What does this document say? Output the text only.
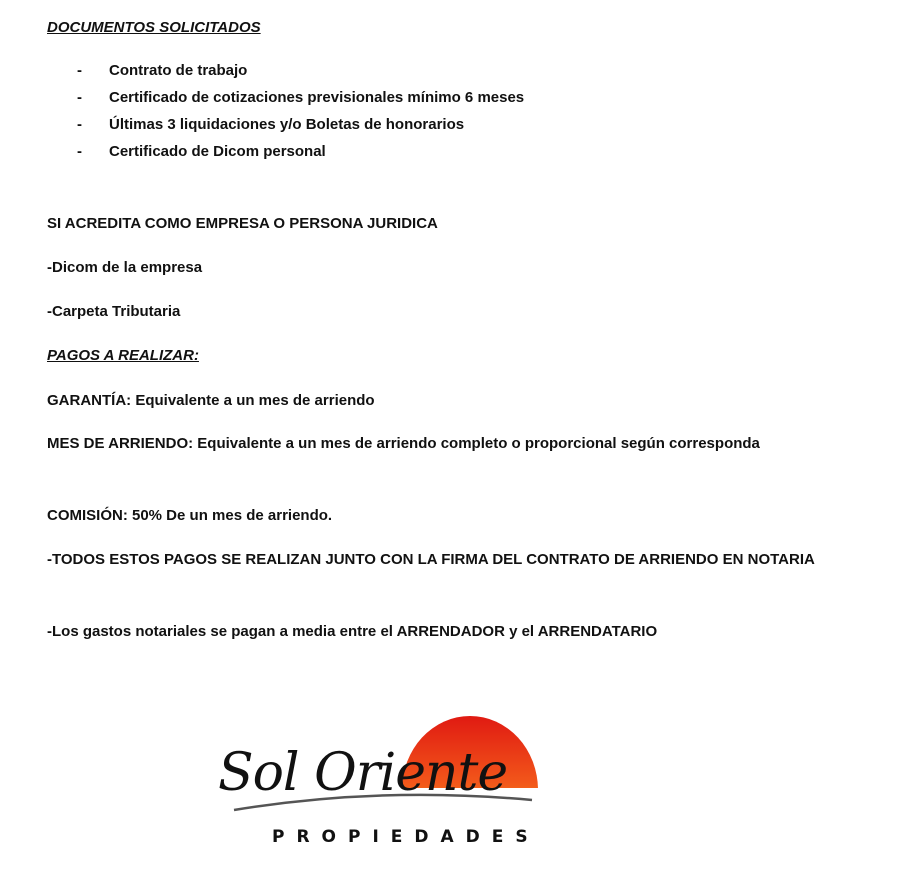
DOCUMENTOS SOLICITADOS
- Contrato de trabajo
- Certificado de cotizaciones previsionales mínimo 6 meses
- Últimas 3 liquidaciones y/o Boletas de honorarios
- Certificado de Dicom personal
SI ACREDITA COMO EMPRESA O PERSONA JURIDICA
-Dicom de la empresa
-Carpeta Tributaria
PAGOS A REALIZAR:
GARANTÍA: Equivalente a un mes de arriendo
MES DE ARRIENDO: Equivalente a un mes de arriendo completo o proporcional según corresponda
COMISIÓN: 50% De un mes de arriendo.
-TODOS ESTOS PAGOS SE REALIZAN JUNTO CON LA FIRMA DEL CONTRATO DE ARRIENDO EN NOTARIA
-Los gastos notariales se pagan a media entre el ARRENDADOR y el ARRENDATARIO
Sol Oriente
PROPIEDADES
